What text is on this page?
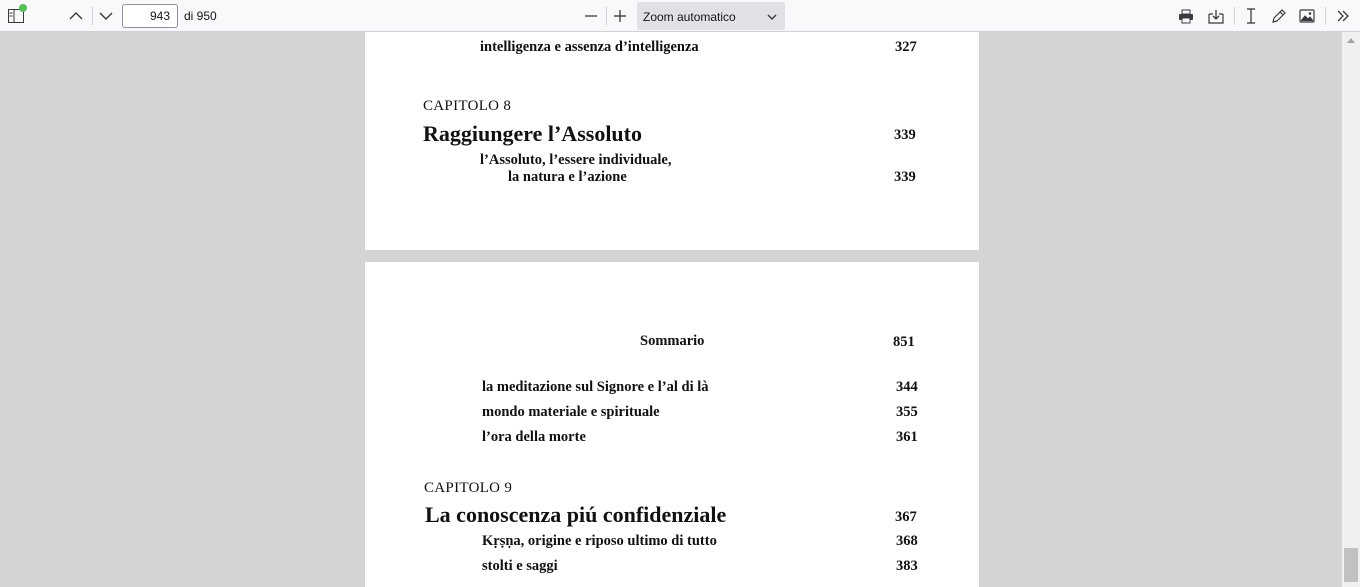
943
di 950	Zoom automatico
intelligenza e assenza d’intelligenza	327
CAPITOLO 8
Raggiungere l’Assoluto	339
l’Assoluto, l’essere individuale,
la natura e l’azione	339
Sommario	851
la meditazione sul Signore e l’al di là	344
mondo materiale e spirituale	355
l’ora della morte	361
CAPITOLO 9
La conoscenza piú confidenziale	367
Kṛṣṇa, origine e riposo ultimo di tutto	368
stolti e saggi	383
